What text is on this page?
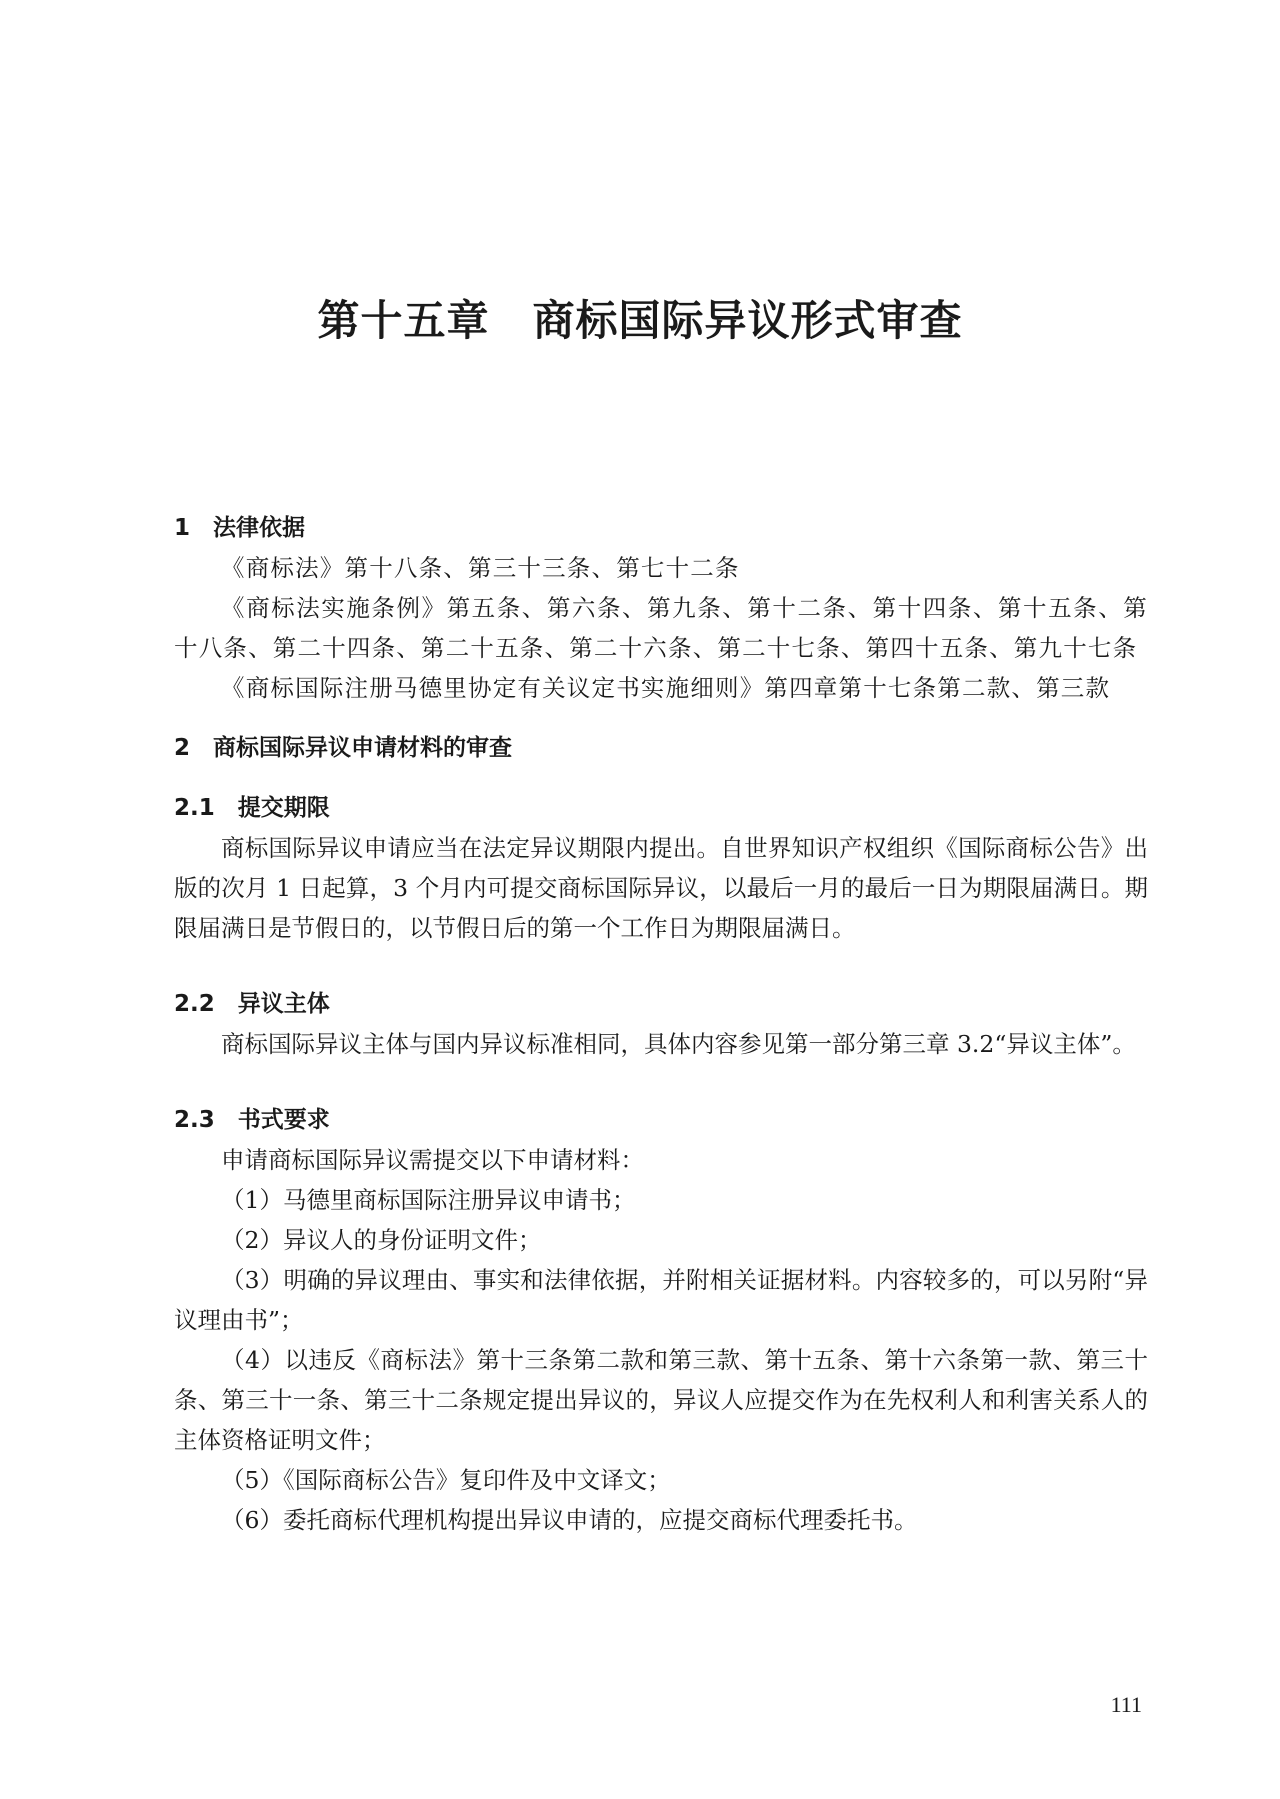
第十五章　商标国际异议形式审查
1　法律依据
《商标法》第十八条、第三十三条、第七十二条
《商标法实施条例》第五条、第六条、第九条、第十二条、第十四条、第十五条、第十八条、第二十四条、第二十五条、第二十六条、第二十七条、第四十五条、第九十七条
《商标国际注册马德里协定有关议定书实施细则》第四章第十七条第二款、第三款
2　商标国际异议申请材料的审查
2.1　提交期限
商标国际异议申请应当在法定异议期限内提出。自世界知识产权组织《国际商标公告》出版的次月 1 日起算，3 个月内可提交商标国际异议，以最后一月的最后一日为期限届满日。期限届满日是节假日的，以节假日后的第一个工作日为期限届满日。
2.2　异议主体
商标国际异议主体与国内异议标准相同，具体内容参见第一部分第三章 3.2“异议主体”。
2.3　书式要求
申请商标国际异议需提交以下申请材料：
（1）马德里商标国际注册异议申请书；
（2）异议人的身份证明文件；
（3）明确的异议理由、事实和法律依据，并附相关证据材料。内容较多的，可以另附“异议理由书”；
（4）以违反《商标法》第十三条第二款和第三款、第十五条、第十六条第一款、第三十条、第三十一条、第三十二条规定提出异议的，异议人应提交作为在先权利人和利害关系人的主体资格证明文件；
（5）《国际商标公告》复印件及中文译文；
（6）委托商标代理机构提出异议申请的，应提交商标代理委托书。
111
